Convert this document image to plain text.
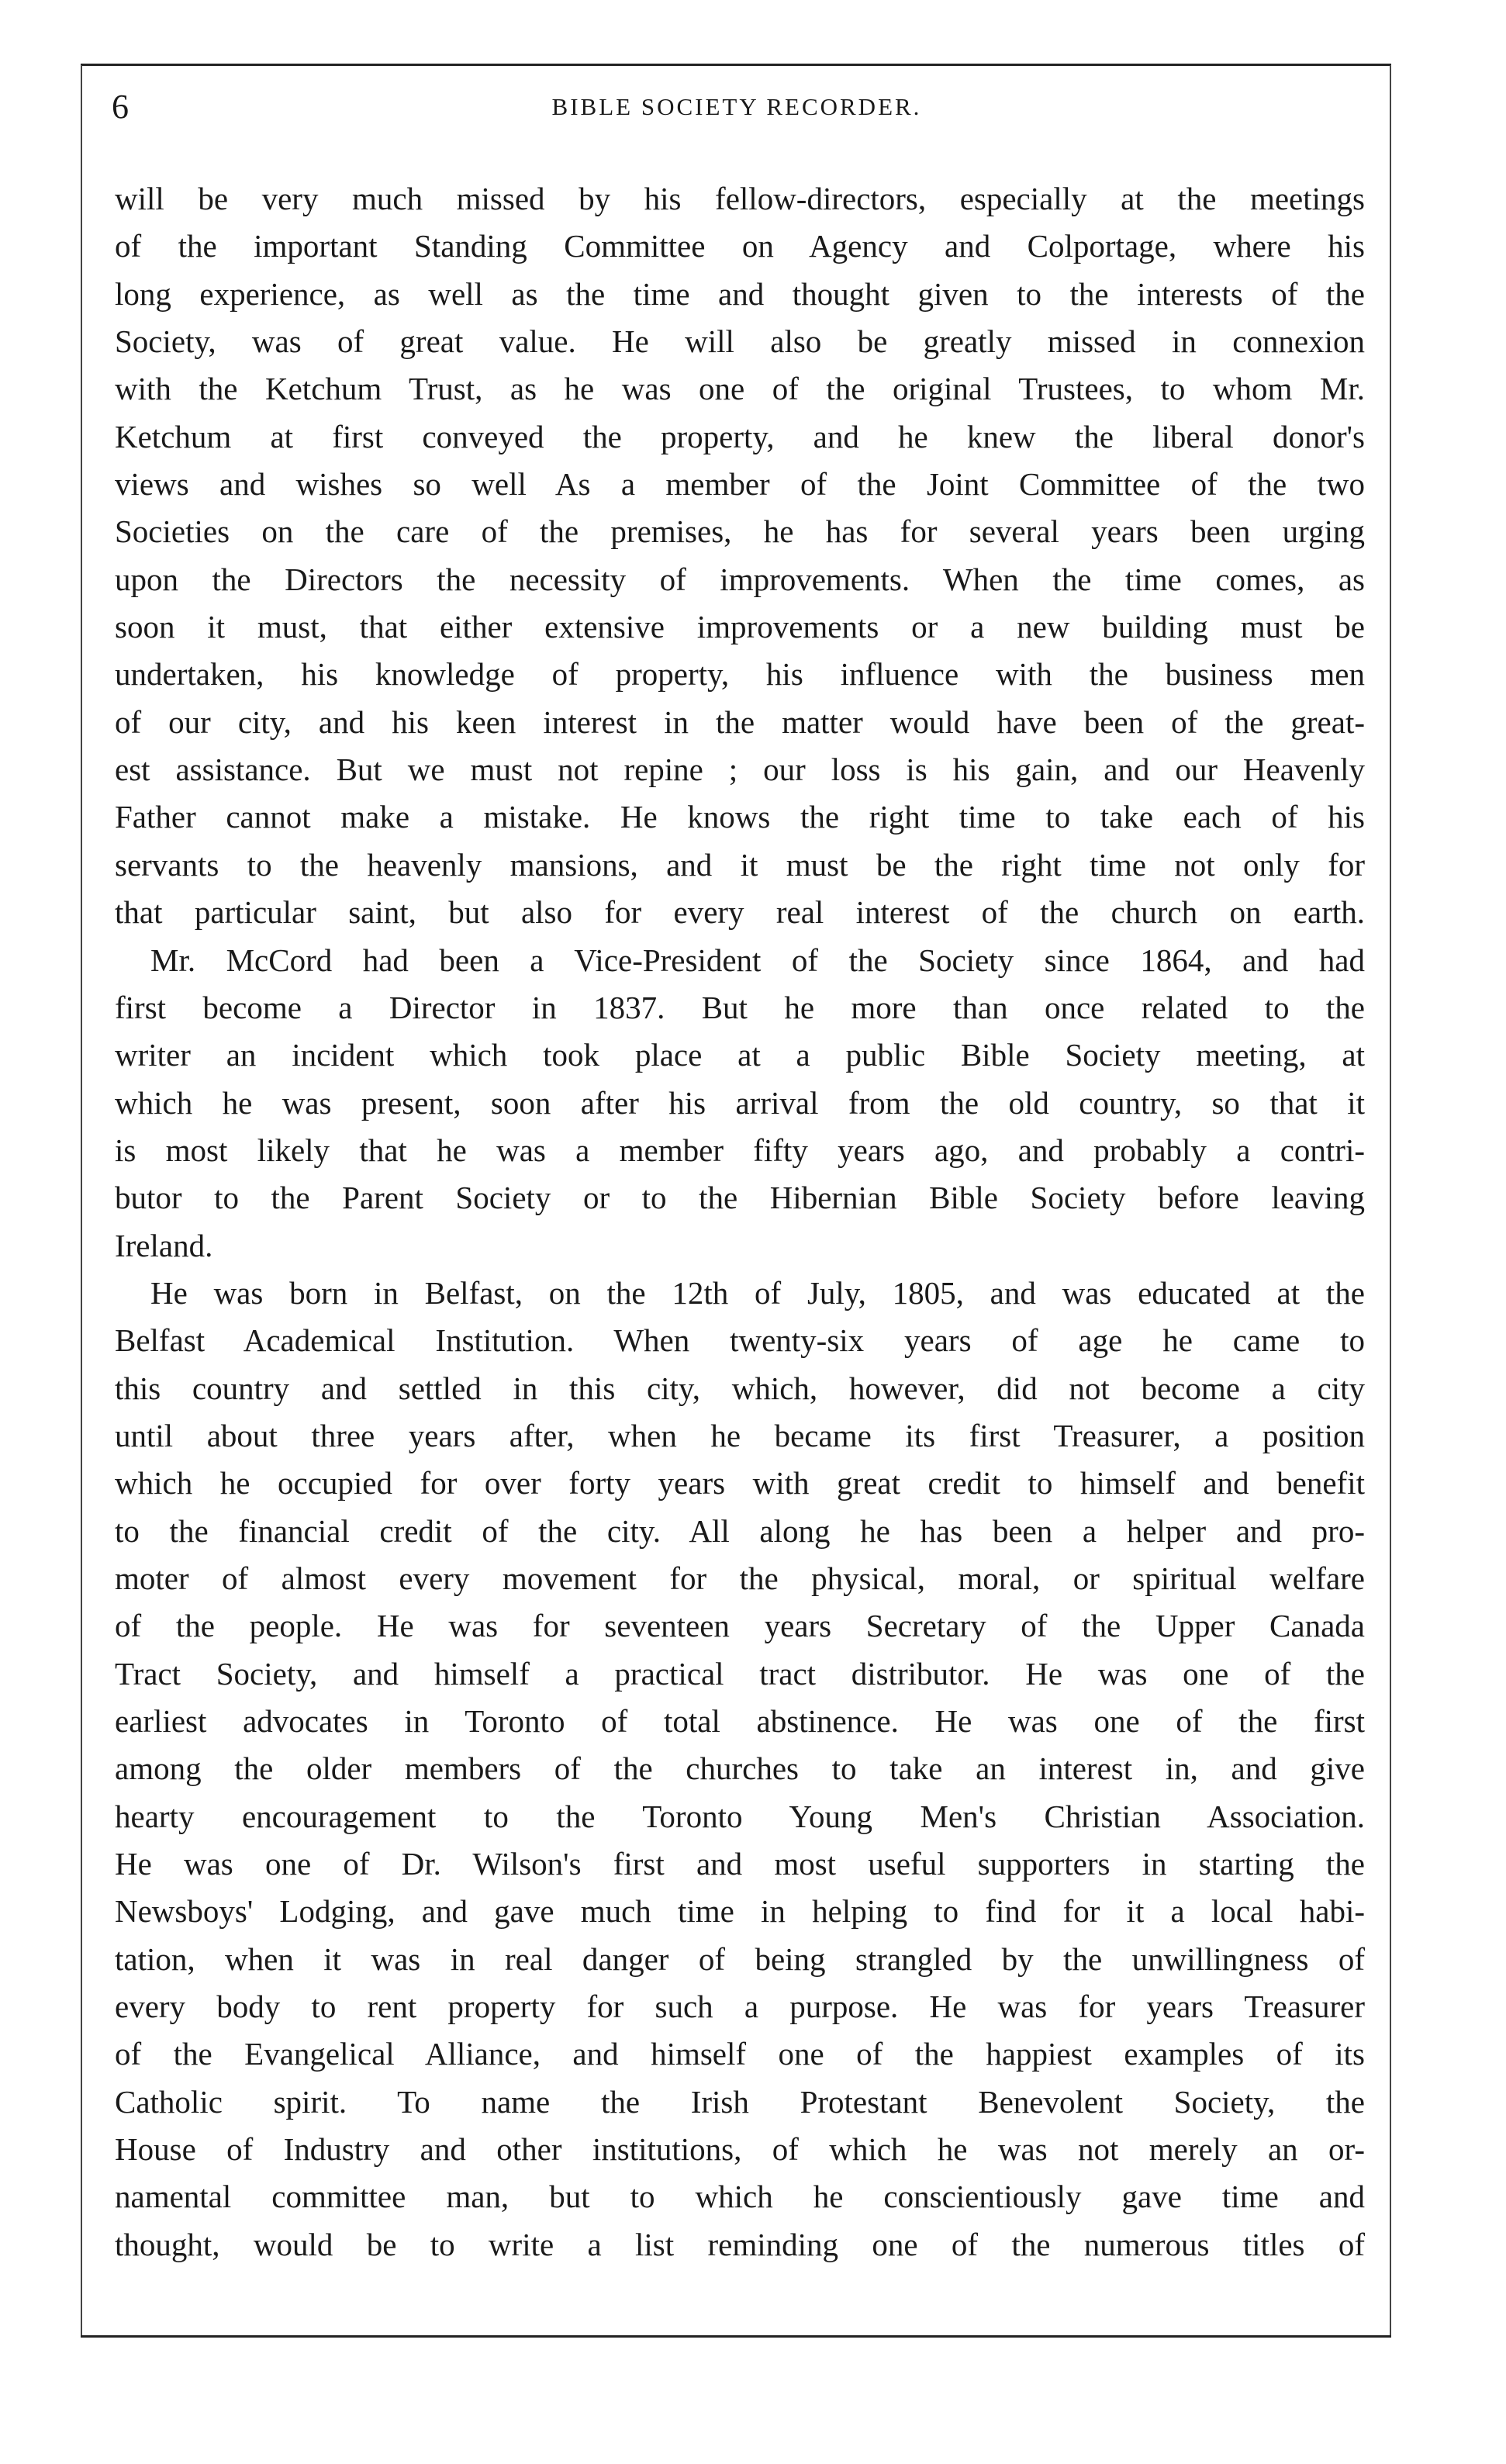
6	BIBLE SOCIETY RECORDER.
will be very much missed by his fellow-directors, especially at the meetings
of the important Standing Committee on Agency and Colportage, where his
long experience, as well as the time and thought given to the interests of the
Society, was of great value. He will also be greatly missed in connexion
with the Ketchum Trust, as he was one of the original Trustees, to whom Mr.
Ketchum at first conveyed the property, and he knew the liberal donor's
views and wishes so well As a member of the Joint Committee of the two
Societies on the care of the premises, he has for several years been urging
upon the Directors the necessity of improvements. When the time comes, as
soon it must, that either extensive improvements or a new building must be
undertaken, his knowledge of property, his influence with the business men
of our city, and his keen interest in the matter would have been of the great-
est assistance. But we must not repine ; our loss is his gain, and our Heavenly
Father cannot make a mistake. He knows the right time to take each of his
servants to the heavenly mansions, and it must be the right time not only for
that particular saint, but also for every real interest of the church on earth.
Mr. McCord had been a Vice-President of the Society since 1864, and had
first become a Director in 1837. But he more than once related to the
writer an incident which took place at a public Bible Society meeting, at
which he was present, soon after his arrival from the old country, so that it
is most likely that he was a member fifty years ago, and probably a contri-
butor to the Parent Society or to the Hibernian Bible Society before leaving
Ireland.
He was born in Belfast, on the 12th of July, 1805, and was educated at the
Belfast Academical Institution. When twenty-six years of age he came to
this country and settled in this city, which, however, did not become a city
until about three years after, when he became its first Treasurer, a position
which he occupied for over forty years with great credit to himself and benefit
to the financial credit of the city. All along he has been a helper and pro-
moter of almost every movement for the physical, moral, or spiritual welfare
of the people. He was for seventeen years Secretary of the Upper Canada
Tract Society, and himself a practical tract distributor. He was one of the
earliest advocates in Toronto of total abstinence. He was one of the first
among the older members of the churches to take an interest in, and give
hearty encouragement to the Toronto Young Men's Christian Association.
He was one of Dr. Wilson's first and most useful supporters in starting the
Newsboys' Lodging, and gave much time in helping to find for it a local habi-
tation, when it was in real danger of being strangled by the unwillingness of
every body to rent property for such a purpose. He was for years Treasurer
of the Evangelical Alliance, and himself one of the happiest examples of its
Catholic spirit. To name the Irish Protestant Benevolent Society, the
House of Industry and other institutions, of which he was not merely an or-
namental committee man, but to which he conscientiously gave time and
thought, would be to write a list reminding one of the numerous titles of
